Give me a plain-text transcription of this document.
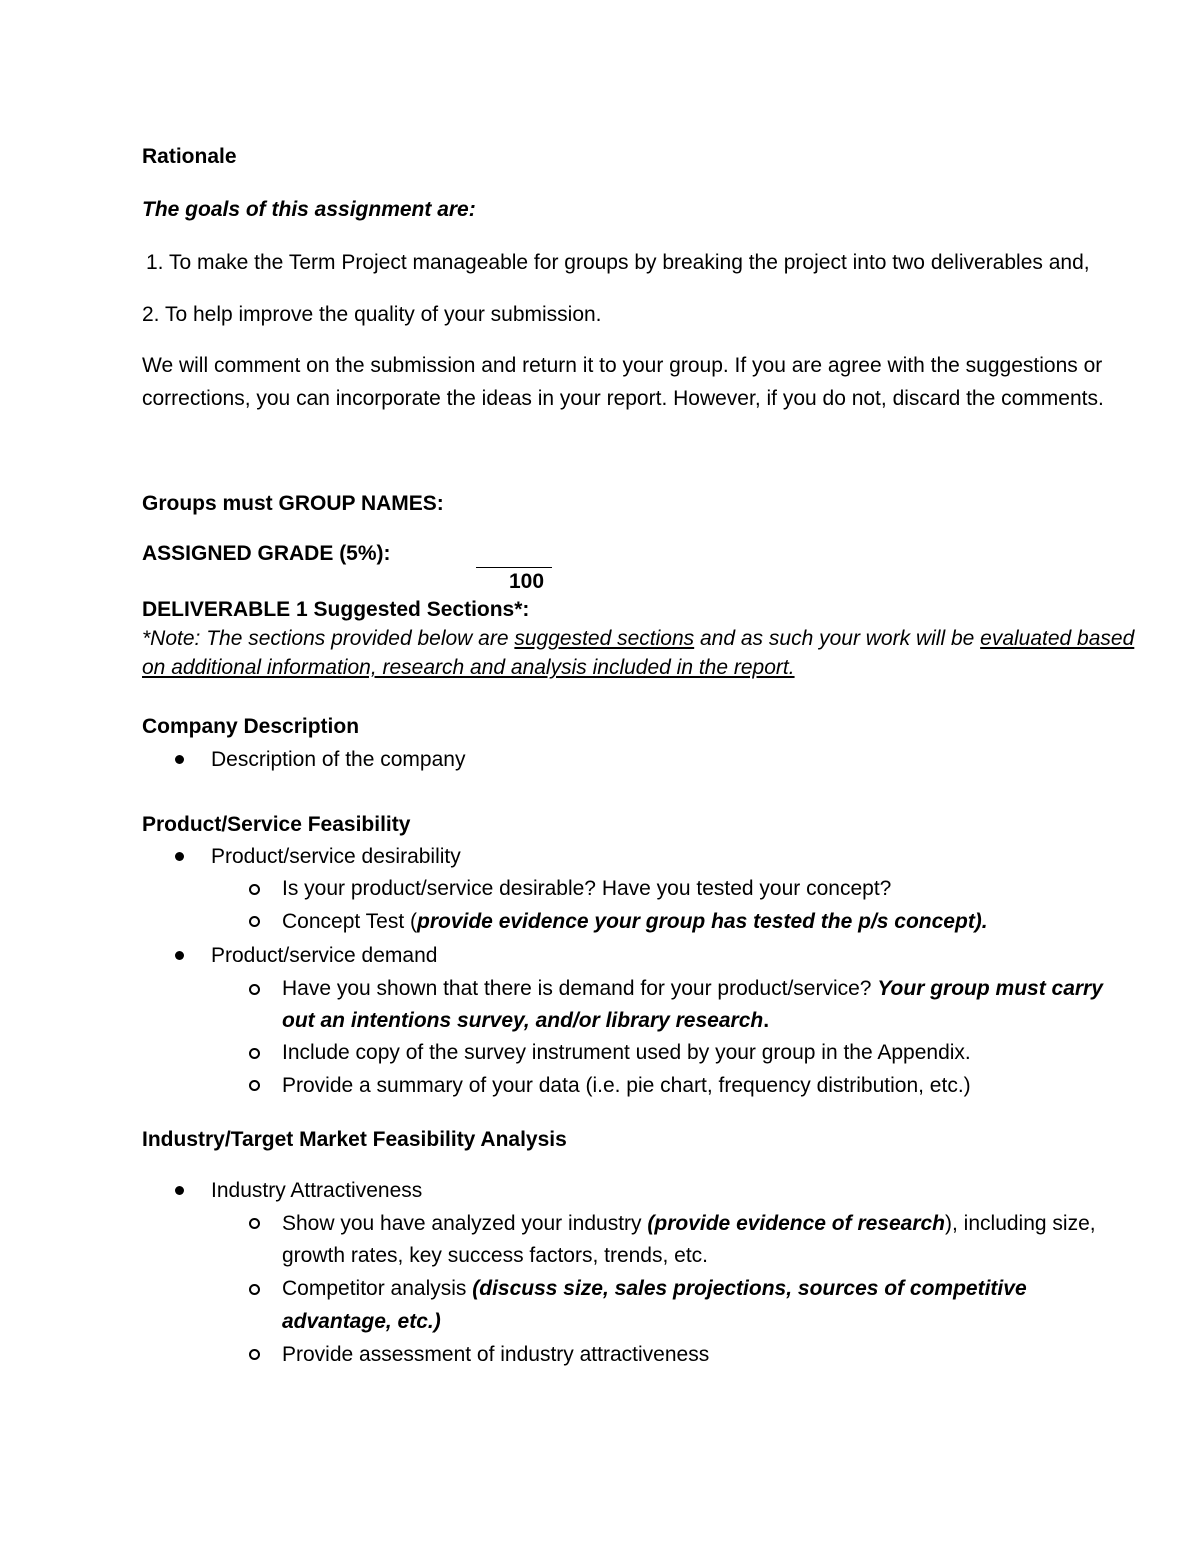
Rationale
The goals of this assignment are:
1. To make the Term Project manageable for groups by breaking the project into two deliverables and,
2. To help improve the quality of your submission.
We will comment on the submission and return it to your group. If you are agree with the suggestions or
corrections, you can incorporate the ideas in your report. However, if you do not, discard the comments.
Groups must GROUP NAMES:
ASSIGNED GRADE (5%):
100
DELIVERABLE 1 Suggested Sections*:
*Note: The sections provided below are suggested sections and as such your work will be evaluated based
on additional information, research and analysis included in the report.
Company Description
Description of the company
Product/Service Feasibility
Product/service desirability
Is your product/service desirable? Have you tested your concept?
Concept Test (provide evidence your group has tested the p/s concept).
Product/service demand
Have you shown that there is demand for your product/service? Your group must carry
out an intentions survey, and/or library research.
Include copy of the survey instrument used by your group in the Appendix.
Provide a summary of your data (i.e. pie chart, frequency distribution, etc.)
Industry/Target Market Feasibility Analysis
Industry Attractiveness
Show you have analyzed your industry (provide evidence of research), including size,
growth rates, key success factors, trends, etc.
Competitor analysis (discuss size, sales projections, sources of competitive
advantage, etc.)
Provide assessment of industry attractiveness
